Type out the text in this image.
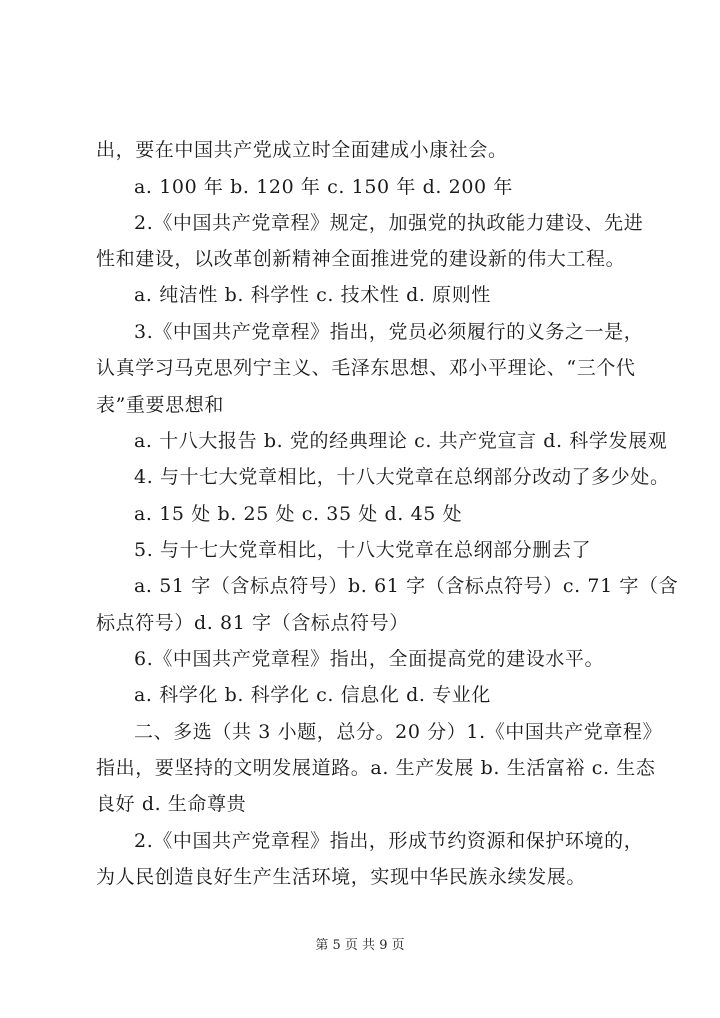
出，要在中国共产党成立时全面建成小康社会。
a. 100 年 b. 120 年 c. 150 年 d. 200 年
2.《中国共产党章程》规定，加强党的执政能力建设、先进
性和建设，以改革创新精神全面推进党的建设新的伟大工程。
a. 纯洁性 b. 科学性 c. 技术性 d. 原则性
3.《中国共产党章程》指出，党员必须履行的义务之一是，
认真学习马克思列宁主义、毛泽东思想、邓小平理论、“三个代
表”重要思想和
a. 十八大报告 b. 党的经典理论 c. 共产党宣言 d. 科学发展观
4. 与十七大党章相比，十八大党章在总纲部分改动了多少处。
a. 15 处 b. 25 处 c. 35 处 d. 45 处
5. 与十七大党章相比，十八大党章在总纲部分删去了
a. 51 字（含标点符号）b. 61 字（含标点符号）c. 71 字（含
标点符号）d. 81 字（含标点符号）
6.《中国共产党章程》指出，全面提高党的建设水平。
a. 科学化 b. 科学化 c. 信息化 d. 专业化
二、多选（共 3 小题，总分。20 分）1.《中国共产党章程》
指出，要坚持的文明发展道路。a. 生产发展 b. 生活富裕 c. 生态
良好 d. 生命尊贵
2.《中国共产党章程》指出，形成节约资源和保护环境的，
为人民创造良好生产生活环境，实现中华民族永续发展。
第 5 页 共 9 页
